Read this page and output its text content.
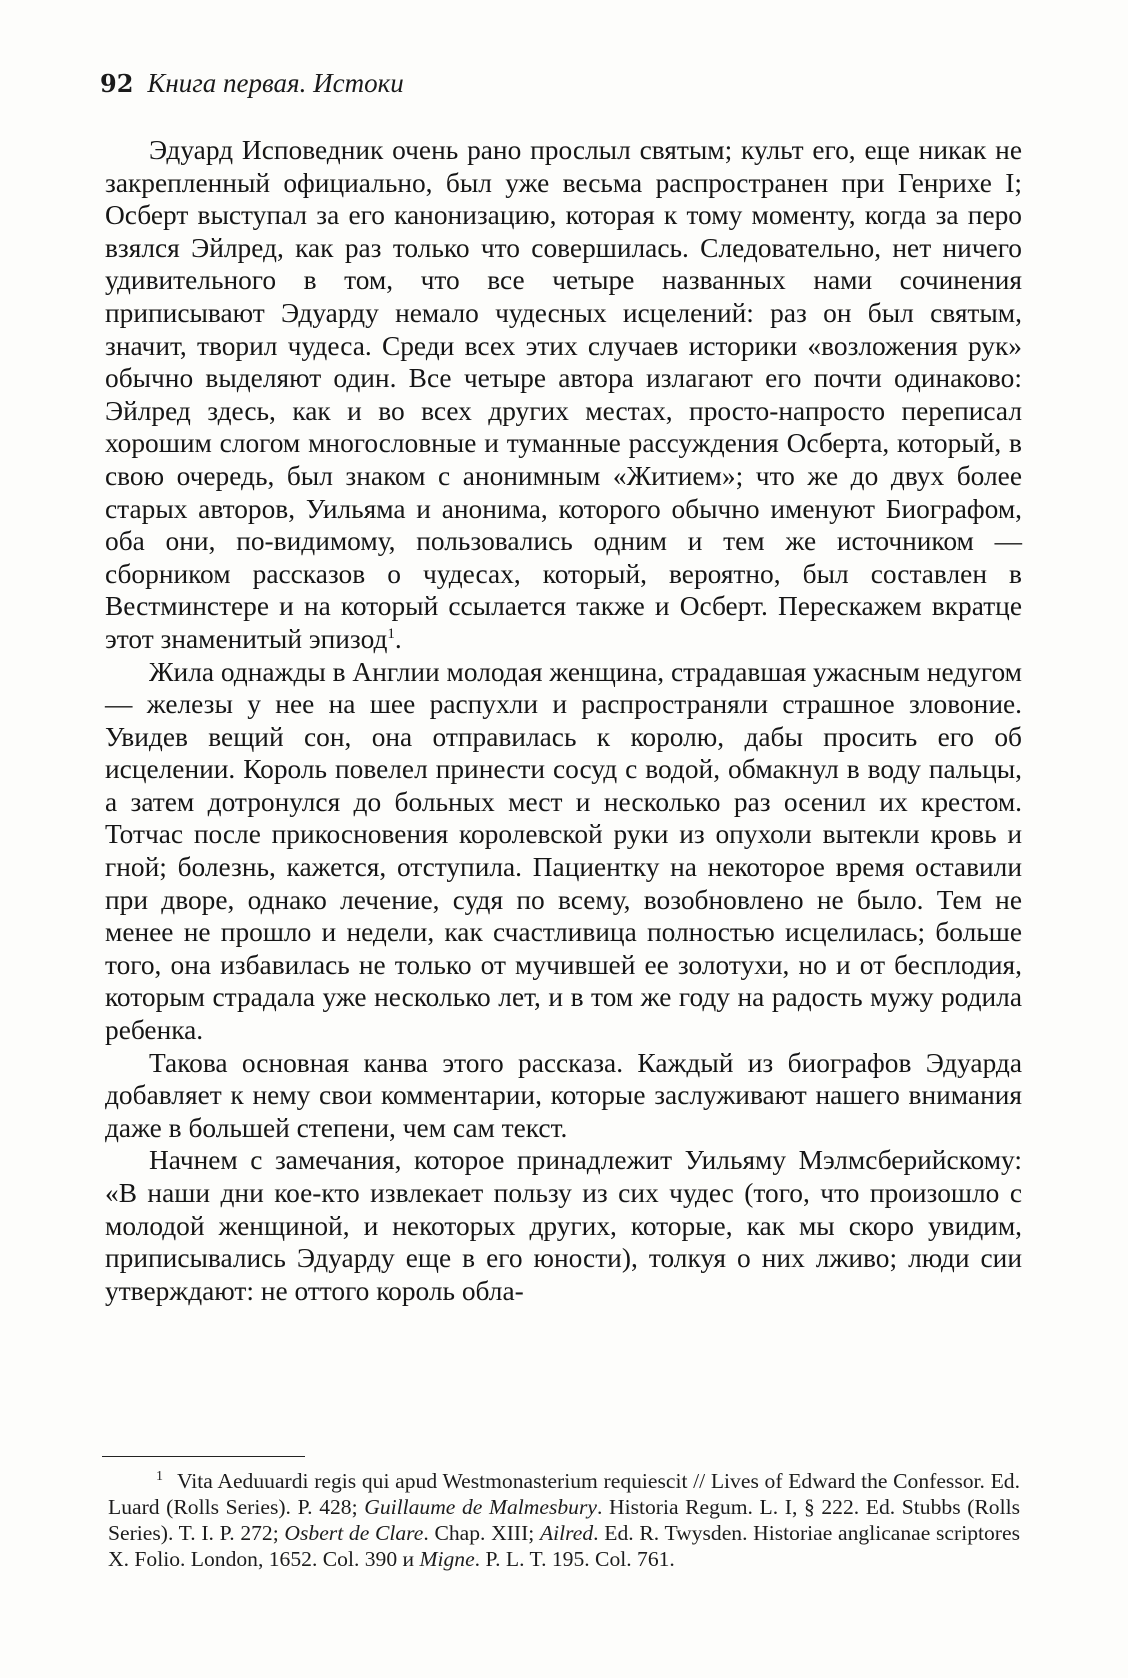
92 Книга первая. Истоки

Эдуард Исповедник очень рано прослыл святым; культ его, еще никак не закрепленный официально, был уже весьма распространен при Генрихе I; Осберт выступал за его канонизацию, которая к тому моменту, когда за перо взялся Эйлред, как раз только что совершилась. Следовательно, нет ничего удивительного в том, что все четыре названных нами сочинения приписывают Эдуарду немало чудесных исцелений: раз он был святым, значит, творил чудеса. Среди всех этих случаев историки «возложения рук» обычно выделяют один. Все четыре автора излагают его почти одинаково: Эйлред здесь, как и во всех других местах, просто-напросто переписал хорошим слогом многословные и туманные рассуждения Осберта, который, в свою очередь, был знаком с анонимным «Житием»; что же до двух более старых авторов, Уильяма и анонима, которого обычно именуют Биографом, оба они, по-видимому, пользовались одним и тем же источником — сборником рассказов о чудесах, который, вероятно, был составлен в Вестминстере и на который ссылается также и Осберт. Перескажем вкратце этот знаменитый эпизод$^1$.

Жила однажды в Англии молодая женщина, страдавшая ужасным недугом — железы у нее на шее распухли и распространяли страшное зловоние. Увидев вещий сон, она отправилась к королю, дабы просить его об исцелении. Король повелел принести сосуд с водой, обмакнул в воду пальцы, а затем дотронулся до больных мест и несколько раз осенил их крестом. Тотчас после прикосновения королевской руки из опухоли вытекли кровь и гной; болезнь, кажется, отступила. Пациентку на некоторое время оставили при дворе, однако лечение, судя по всему, возобновлено не было. Тем не менее не прошло и недели, как счастливица полностью исцелилась; больше того, она избавилась не только от мучившей ее золотухи, но и от бесплодия, которым страдала уже несколько лет, и в том же году на радость мужу родила ребенка.

Такова основная канва этого рассказа. Каждый из биографов Эдуарда добавляет к нему свои комментарии, которые заслуживают нашего внимания даже в большей степени, чем сам текст.

Начнем с замечания, которое принадлежит Уильяму Мэлмсберийскому: «В наши дни кое-кто извлекает пользу из сих чудес (того, что произошло с молодой женщиной, и некоторых других, которые, как мы скоро увидим, приписывались Эдуарду еще в его юности), толкуя о них лживо; люди сии утверждают: не оттого король обла-

$^1$ Vita Aeduuardi regis qui apud Westmonasterium requiescit // Lives of Edward the Confessor. Ed. Luard (Rolls Series). P. 428; Guillaume de Malmesbury. Historia Regum. L. I, § 222. Ed. Stubbs (Rolls Series). T. I. P. 272; Osbert de Clare. Chap. XIII; Ailred. Ed. R. Twysden. Historiae anglicanae scriptores X. Folio. London, 1652. Col. 390 и Migne. P. L. T. 195. Col. 761.
